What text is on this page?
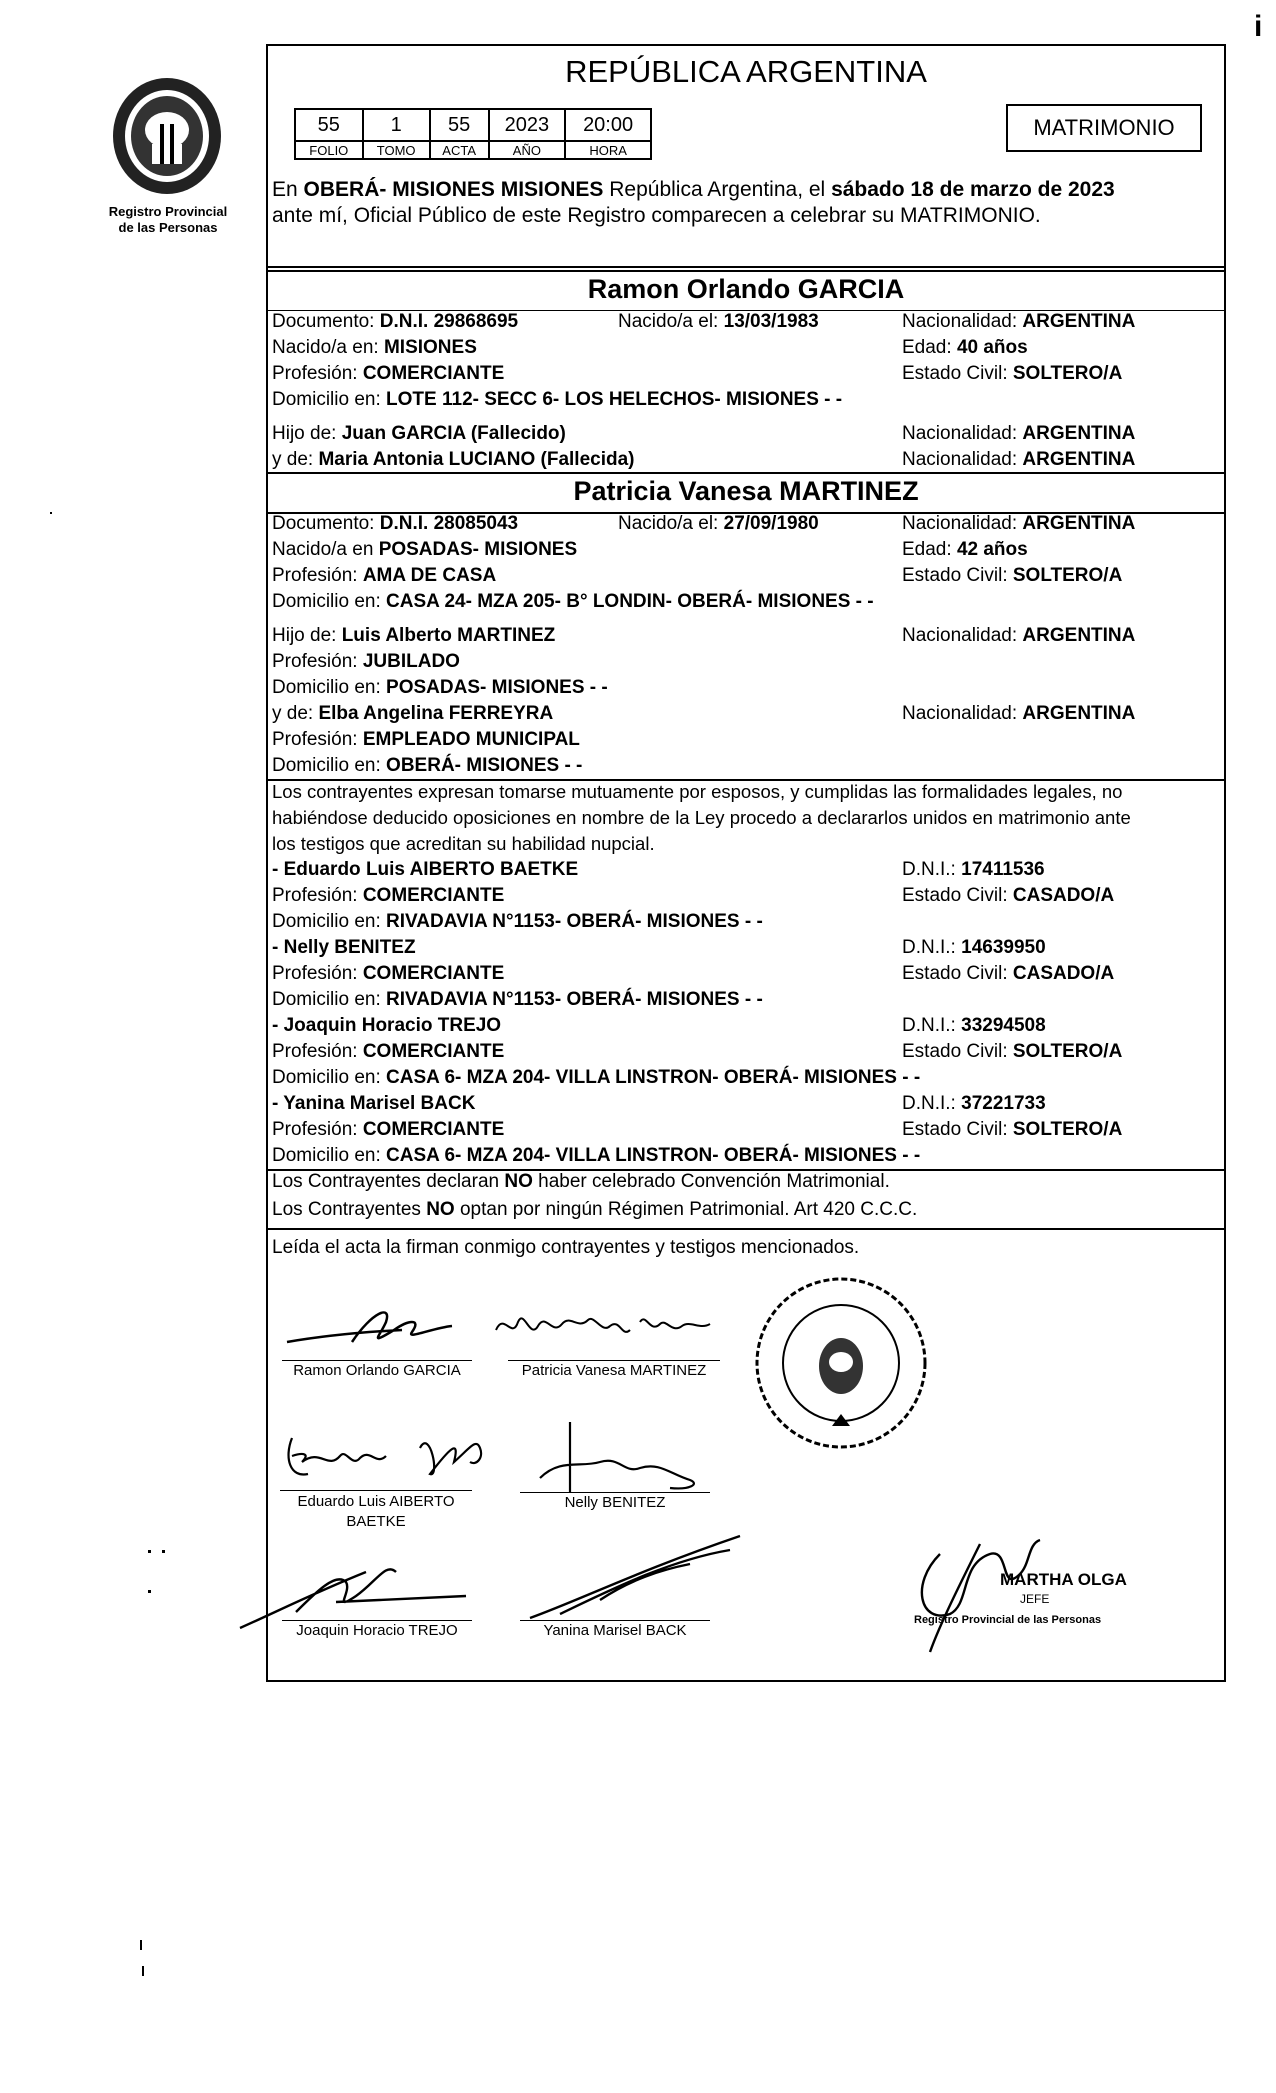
i
Registro Provincial
de las Personas
REPÚBLICA ARGENTINA
55	1	55	2023	20:00
FOLIO	TOMO	ACTA	AÑO	HORA
MATRIMONIO
En OBERÁ- MISIONES MISIONES República Argentina, el sábado 18 de marzo de 2023
ante mí, Oficial Público de este Registro comparecen a celebrar su MATRIMONIO.
Ramon Orlando GARCIA
Documento: D.N.I. 29868695	Nacido/a el: 13/03/1983	Nacionalidad: ARGENTINA
Nacido/a en: MISIONES	Edad: 40 años
Profesión: COMERCIANTE	Estado Civil: SOLTERO/A
Domicilio en: LOTE 112- SECC 6- LOS HELECHOS- MISIONES - -
Hijo de: Juan GARCIA (Fallecido)	Nacionalidad: ARGENTINA
y de: Maria Antonia LUCIANO (Fallecida)	Nacionalidad: ARGENTINA
Patricia Vanesa MARTINEZ
Documento: D.N.I. 28085043	Nacido/a el: 27/09/1980	Nacionalidad: ARGENTINA
Nacido/a en POSADAS- MISIONES	Edad: 42 años
Profesión: AMA DE CASA	Estado Civil: SOLTERO/A
Domicilio en: CASA 24- MZA 205- B° LONDIN- OBERÁ- MISIONES - -
Hijo de: Luis Alberto MARTINEZ	Nacionalidad: ARGENTINA
Profesión: JUBILADO
Domicilio en: POSADAS- MISIONES - -
y de: Elba Angelina FERREYRA	Nacionalidad: ARGENTINA
Profesión: EMPLEADO MUNICIPAL
Domicilio en: OBERÁ- MISIONES - -
Los contrayentes expresan tomarse mutuamente por esposos, y cumplidas las formalidades legales, no
habiéndose deducido oposiciones en nombre de la Ley procedo a declararlos unidos en matrimonio ante
los testigos que acreditan su habilidad nupcial.
- Eduardo Luis AIBERTO BAETKE	D.N.I.: 17411536
Profesión: COMERCIANTE	Estado Civil: CASADO/A
Domicilio en: RIVADAVIA N°1153- OBERÁ- MISIONES - -
- Nelly BENITEZ	D.N.I.: 14639950
Profesión: COMERCIANTE	Estado Civil: CASADO/A
Domicilio en: RIVADAVIA N°1153- OBERÁ- MISIONES - -
- Joaquin Horacio TREJO	D.N.I.: 33294508
Profesión: COMERCIANTE	Estado Civil: SOLTERO/A
Domicilio en: CASA 6- MZA 204- VILLA LINSTRON- OBERÁ- MISIONES - -
- Yanina Marisel BACK	D.N.I.: 37221733
Profesión: COMERCIANTE	Estado Civil: SOLTERO/A
Domicilio en: CASA 6- MZA 204- VILLA LINSTRON- OBERÁ- MISIONES - -
Los Contrayentes declaran NO haber celebrado Convención Matrimonial.
Los Contrayentes NO optan por ningún Régimen Patrimonial. Art 420 C.C.C.
Leída el acta la firman conmigo contrayentes y testigos mencionados.
Ramon Orlando GARCIA	Patricia Vanesa MARTINEZ
Eduardo Luis AIBERTO
BAETKE
Nelly BENITEZ
Joaquin Horacio TREJO	Yanina Marisel BACK
MARTHA OLGA
JEFE
Registro Provincial de las Personas
